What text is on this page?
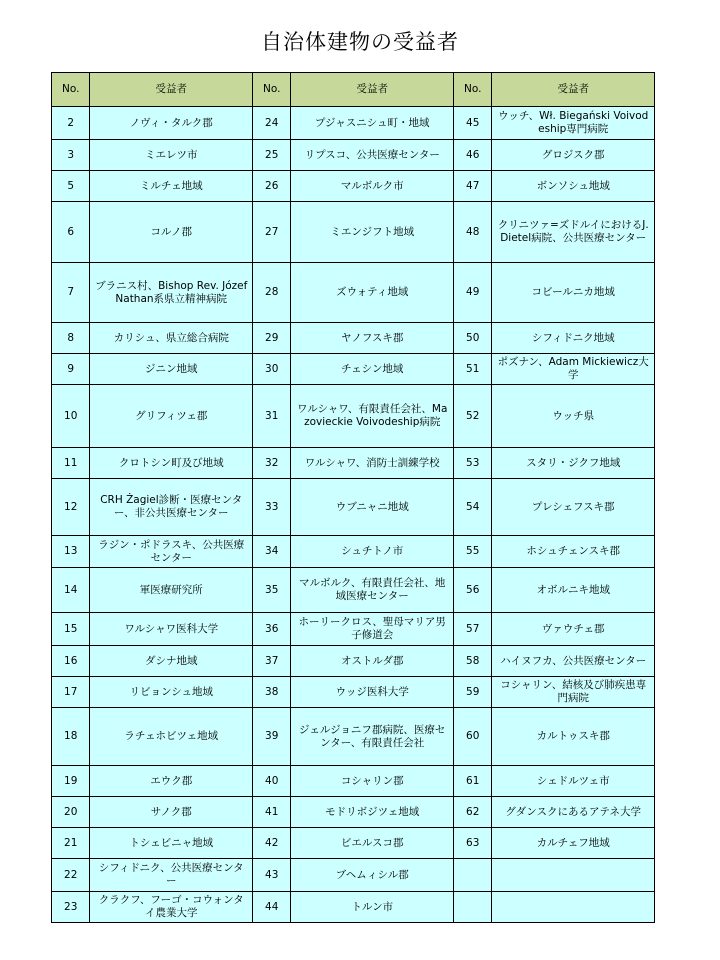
自治体建物の受益者
No.	受益者	No.	受益者	No.	受益者
2	ノヴィ・タルク郡	24	プジャスニシュ町・地域	45	ウッチ、Wł. Biegański Voivodeship専門病院
3	ミエレツ市	25	リプスコ、公共医療センター	46	グロジスク郡
5	ミルチェ地域	26	マルボルク市	47	ボンソシュ地域
6	コルノ郡	27	ミエンジフト地域	48	クリニツァ=ズドルイにおけるJ. Dietel病院、公共医療センター
7	ブラニス村、Bishop Rev. Józef Nathan系県立精神病院	28	ズウォティ地域	49	コビールニカ地域
8	カリシュ、県立総合病院	29	ヤノフスキ郡	50	シフィドニク地域
9	ジニン地域	30	チェシン地域	51	ポズナン、Adam Mickiewicz大学
10	グリフィツェ郡	31	ワルシャワ、有限責任会社、Mazovieckie Voivodeship病院	52	ウッチ県
11	クロトシン町及び地域	32	ワルシャワ、消防士訓練学校	53	スタリ・ジクフ地域
12	CRH Żagiel診断・医療センター、非公共医療センター	33	ウブニャニ地域	54	プレシェフスキ郡
13	ラジン・ポドラスキ、公共医療センター	34	シュチトノ市	55	ホシュチェンスキ郡
14	軍医療研究所	35	マルボルク、有限責任会社、地域医療センター	56	オボルニキ地域
15	ワルシャワ医科大学	36	ホーリークロス、聖母マリア男子修道会	57	ヴァウチェ郡
16	ダシナ地域	37	オストルダ郡	58	ハイヌフカ、公共医療センター
17	リビョンシュ地域	38	ウッジ医科大学	59	コシャリン、結核及び肺疾患専門病院
18	ラチェホビツェ地域	39	ジェルジョニフ郡病院、医療センター、有限責任会社	60	カルトゥスキ郡
19	エウク郡	40	コシャリン郡	61	シェドルツェ市
20	サノク郡	41	モドリボジツェ地域	62	グダンスクにあるアテネ大学
21	トシェビニャ地域	42	ビエルスコ郡	63	カルチェフ地域
22	シフィドニク、公共医療センター	43	ブヘムィシル郡		
23	クラクフ、フーゴ・コウォンタイ農業大学	44	トルン市		
